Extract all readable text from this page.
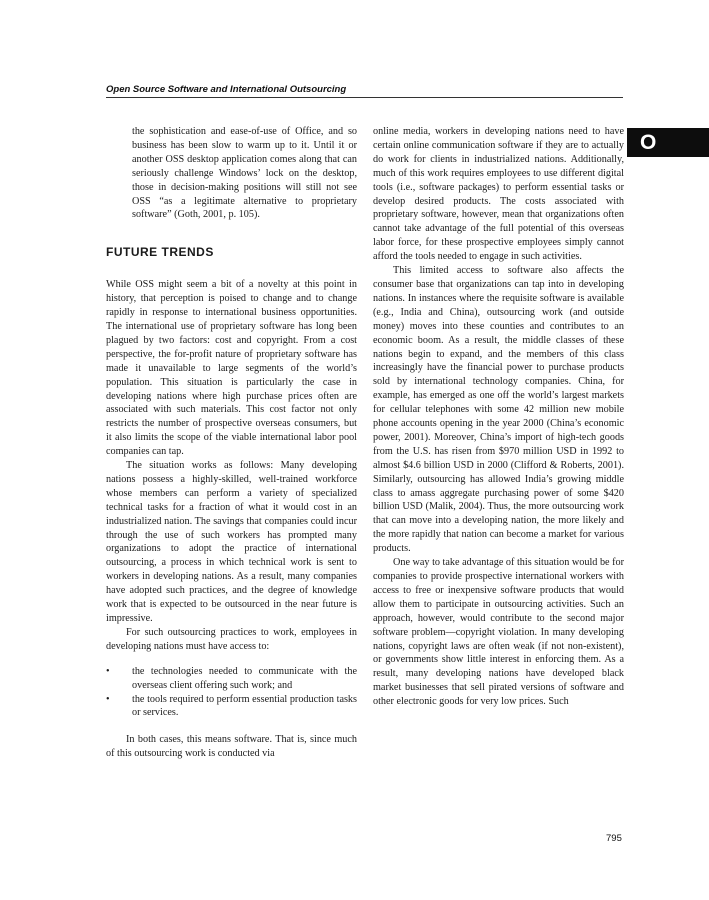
Open Source Software and International Outsourcing
O

the sophistication and ease-of-use of Office, and so business has been slow to warm up to it. Until it or another OSS desktop application comes along that can seriously challenge Windows’ lock on the desktop, those in decision-making positions will still not see OSS “as a legitimate alternative to proprietary software” (Goth, 2001, p. 105).

FUTURE TRENDS

While OSS might seem a bit of a novelty at this point in history, that perception is poised to change and to change rapidly in response to international business opportunities. The international use of proprietary software has long been plagued by two factors: cost and copyright. From a cost perspective, the for-profit nature of proprietary software has made it unavailable to large segments of the world’s population. This situation is particularly the case in developing nations where high purchase prices often are associated with such materials. This cost factor not only restricts the number of prospective overseas consumers, but it also limits the scope of the viable international labor pool companies can tap.

The situation works as follows: Many developing nations possess a highly-skilled, well-trained workforce whose members can perform a variety of specialized technical tasks for a fraction of what it would cost in an industrialized nation. The savings that companies could incur through the use of such workers has prompted many organizations to adopt the practice of international outsourcing, a process in which technical work is sent to workers in developing nations. As a result, many companies have adopted such practices, and the degree of knowledge work that is expected to be outsourced in the near future is impressive.

For such outsourcing practices to work, employees in developing nations must have access to:

• the technologies needed to communicate with the overseas client offering such work; and
• the tools required to perform essential production tasks or services.

In both cases, this means software. That is, since much of this outsourcing work is conducted via

online media, workers in developing nations need to have certain online communication software if they are to actually do work for clients in industrialized nations. Additionally, much of this work requires employees to use different digital tools (i.e., software packages) to perform essential tasks or develop desired products. The costs associated with proprietary software, however, mean that organizations often cannot take advantage of the full potential of this overseas labor force, for these prospective employees simply cannot afford the tools needed to engage in such activities.

This limited access to software also affects the consumer base that organizations can tap into in developing nations. In instances where the requisite software is available (e.g., India and China), outsourcing work (and outside money) moves into these counties and contributes to an economic boom. As a result, the middle classes of these nations begin to expand, and the members of this class increasingly have the financial power to purchase products sold by international technology companies. China, for example, has emerged as one off the world’s largest markets for cellular telephones with some 42 million new mobile phone accounts opening in the year 2000 (China’s economic power, 2001). Moreover, China’s import of high-tech goods from the U.S. has risen from $970 million USD in 1992 to almost $4.6 billion USD in 2000 (Clifford & Roberts, 2001). Similarly, outsourcing has allowed India’s growing middle class to amass aggregate purchasing power of some $420 billion USD (Malik, 2004). Thus, the more outsourcing work that can move into a developing nation, the more likely and the more rapidly that nation can become a market for various products.

One way to take advantage of this situation would be for companies to provide prospective international workers with access to free or inexpensive software products that would allow them to participate in outsourcing activities. Such an approach, however, would contribute to the second major software problem—copyright violation. In many developing nations, copyright laws are often weak (if not non-existent), or governments show little interest in enforcing them. As a result, many developing nations have developed black market businesses that sell pirated versions of software and other electronic goods for very low prices. Such

795
